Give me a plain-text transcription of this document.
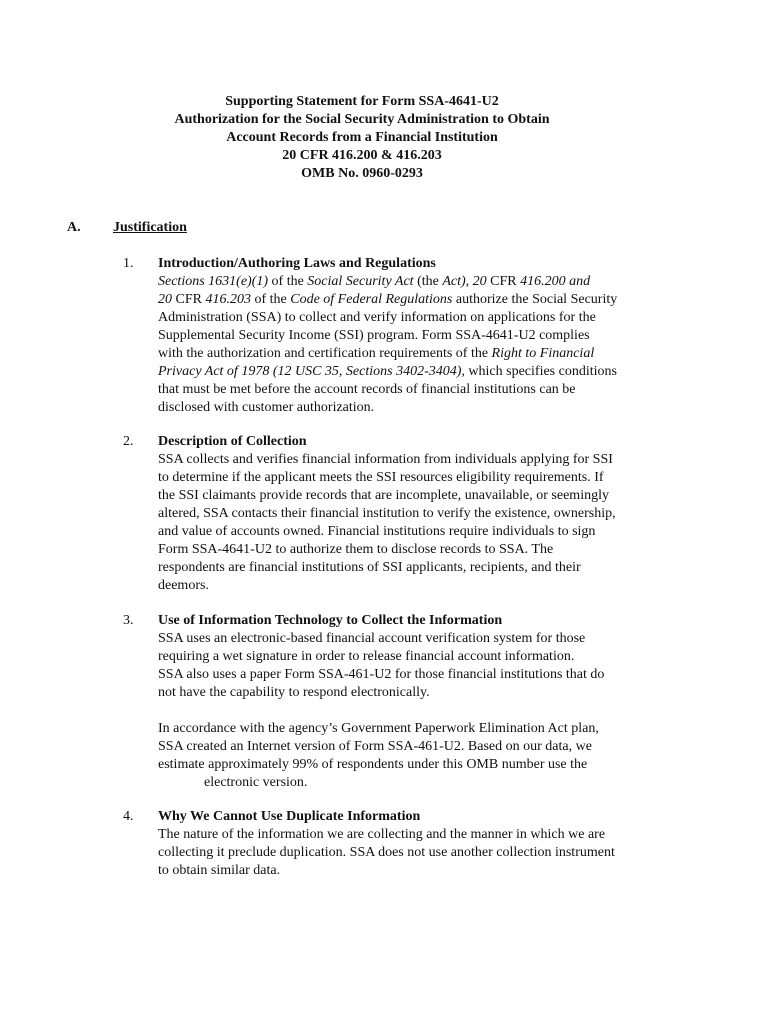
Supporting Statement for Form SSA-4641-U2
Authorization for the Social Security Administration to Obtain
Account Records from a Financial Institution
20 CFR 416.200 & 416.203
OMB No. 0960-0293
A. Justification
1. Introduction/Authoring Laws and Regulations
Sections 1631(e)(1) of the Social Security Act (the Act), 20 CFR 416.200 and
20 CFR 416.203 of the Code of Federal Regulations authorize the Social Security
Administration (SSA) to collect and verify information on applications for the
Supplemental Security Income (SSI) program. Form SSA-4641-U2 complies
with the authorization and certification requirements of the Right to Financial
Privacy Act of 1978 (12 USC 35, Sections 3402-3404), which specifies conditions
that must be met before the account records of financial institutions can be
disclosed with customer authorization.
2. Description of Collection
SSA collects and verifies financial information from individuals applying for SSI
to determine if the applicant meets the SSI resources eligibility requirements. If
the SSI claimants provide records that are incomplete, unavailable, or seemingly
altered, SSA contacts their financial institution to verify the existence, ownership,
and value of accounts owned. Financial institutions require individuals to sign
Form SSA-4641-U2 to authorize them to disclose records to SSA. The
respondents are financial institutions of SSI applicants, recipients, and their
deemors.
3. Use of Information Technology to Collect the Information
SSA uses an electronic-based financial account verification system for those
requiring a wet signature in order to release financial account information.
SSA also uses a paper Form SSA-461-U2 for those financial institutions that do
not have the capability to respond electronically.
In accordance with the agency’s Government Paperwork Elimination Act plan,
SSA created an Internet version of Form SSA-461-U2. Based on our data, we
estimate approximately 99% of respondents under this OMB number use the
electronic version.
4. Why We Cannot Use Duplicate Information
The nature of the information we are collecting and the manner in which we are
collecting it preclude duplication. SSA does not use another collection instrument
to obtain similar data.
